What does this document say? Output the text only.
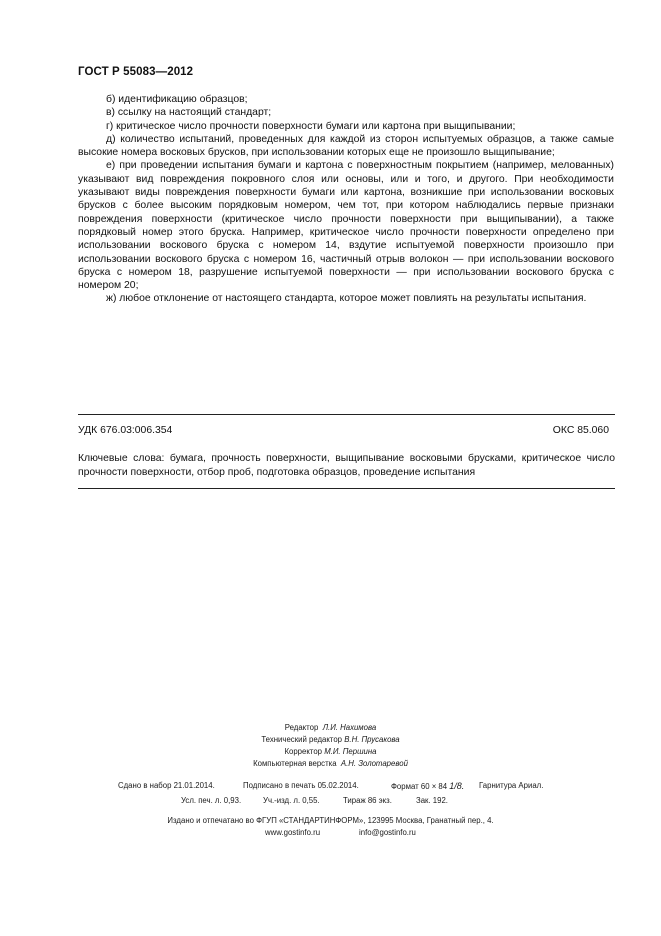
ГОСТ Р 55083—2012

б) идентификацию образцов;

в) ссылку на настоящий стандарт;

г) критическое число прочности поверхности бумаги или картона при выщипывании;

д) количество испытаний, проведенных для каждой из сторон испытуемых образцов, а также самые высокие номера восковых брусков, при использовании которых еще не произошло выщипывание;

е) при проведении испытания бумаги и картона с поверхностным покрытием (например, мелованных) указывают вид повреждения покровного слоя или основы, или и того, и другого. При необходимости указывают виды повреждения поверхности бумаги или картона, возникшие при использовании восковых брусков с более высоким порядковым номером, чем тот, при котором наблюдались первые признаки повреждения поверхности (критическое число прочности поверхности при выщипывании), а также порядковый номер этого бруска. Например, критическое число прочности поверхности определено при использовании воскового бруска с номером 14, вздутие испытуемой поверхности произошло при использовании воскового бруска с номером 16, частичный отрыв волокон — при использовании воскового бруска с номером 18, разрушение испытуемой поверхности — при использовании воскового бруска с номером 20;

ж) любое отклонение от настоящего стандарта, которое может повлиять на результаты испытания.

УДК 676.03:006.354	ОКС 85.060
Ключевые слова: бумага, прочность поверхности, выщипывание восковыми брусками, критическое число прочности поверхности, отбор проб, подготовка образцов, проведение испытания
Редактор Л.И. Нахимова
Технический редактор В.Н. Прусакова
Корректор М.И. Першина
Компьютерная верстка А.Н. Золотаревой
Сдано в набор 21.01.2014.	Подписано в печать 05.02.2014.	Формат 60 × 84 1/8. Гарнитура Ариал.
Усл. печ. л. 0,93.	Уч.-изд. л. 0,55.	Тираж 86 экз.	Зак. 192.
Издано и отпечатано во ФГУП «СТАНДАРТИНФОРМ», 123995 Москва, Гранатный пер., 4.
www.gostinfo.ru	info@gostinfo.ru
